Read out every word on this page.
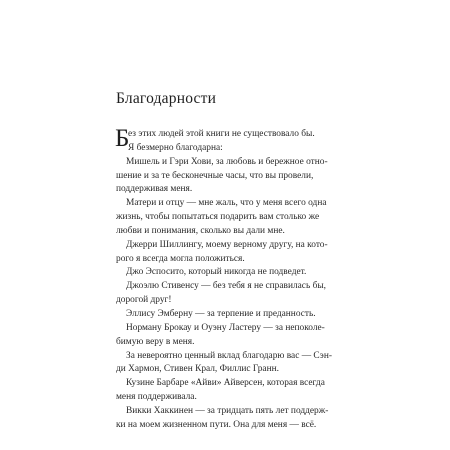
Благодарности
Б
ез этих людей этой книги не существовало бы.
Я безмерно благодарна:
Мишель и Гэри Хови, за любовь и бережное отно-
шение и за те бесконечные часы, что вы провели,
поддерживая меня.
Матери и отцу — мне жаль, что у меня всего одна
жизнь, чтобы попытаться подарить вам столько же
любви и понимания, сколько вы дали мне.
Джерри Шиллингу, моему верному другу, на кото-
рого я всегда могла положиться.
Джо Эспосито, который никогда не подведет.
Джоэлю Стивенсу — без тебя я не справилась бы,
дорогой друг!
Эллису Эмберну — за терпение и преданность.
Норману Брокау и Оуэну Ластеру — за непоколе-
бимую веру в меня.
За невероятно ценный вклад благодарю вас — Сэн-
ди Хармон, Стивен Крал, Филлис Гранн.
Кузине Барбаре «Айви» Айверсен, которая всегда
меня поддерживала.
Викки Хаккинен — за тридцать пять лет поддерж-
ки на моем жизненном пути. Она для меня — всё.
